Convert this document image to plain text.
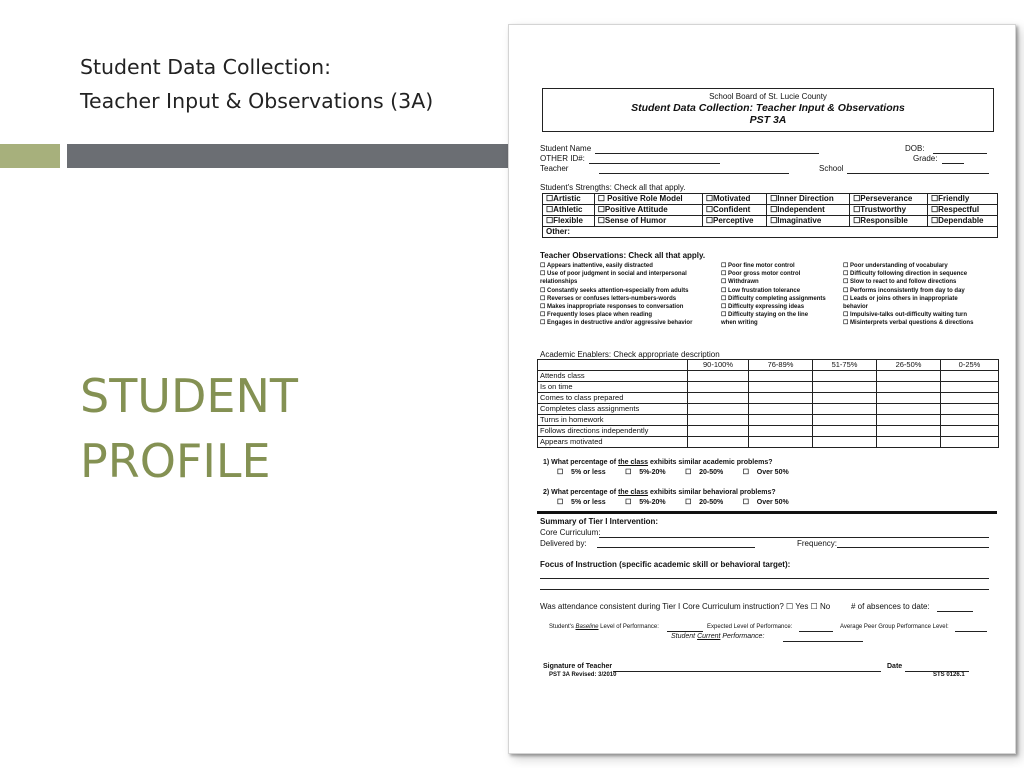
Student Data Collection:
Teacher Input & Observations (3A)
STUDENT
PROFILE
School Board of St. Lucie County
Student Data Collection: Teacher Input & Observations
PST 3A
Student Name
OTHER ID#:
Teacher
DOB:
Grade:
School
Student's Strengths: Check all that apply.
☐Artistic	☐ Positive Role Model	☐Motivated	☐Inner Direction	☐Perseverance	☐Friendly
☐Athletic	☐Positive Attitude	☐Confident	☐Independent	☐Trustworthy	☐Respectful
☐Flexible	☐Sense of Humor	☐Perceptive	☐Imaginative	☐Responsible	☐Dependable
Other:					
Teacher Observations: Check all that apply.
☐ Appears inattentive, easily distracted
☐ Use of poor judgment in social and interpersonal
relationships
☐ Constantly seeks attention-especially from adults
☐ Reverses or confuses letters-numbers-words
☐ Makes inappropriate responses to conversation
☐ Frequently loses place when reading
☐ Engages in destructive and/or aggressive behavior
☐ Poor fine motor control
☐ Poor gross motor control
☐ Withdrawn
☐ Low frustration tolerance
☐ Difficulty completing assignments
☐ Difficulty expressing ideas
☐ Difficulty staying on the line
when writing
☐ Poor understanding of vocabulary
☐ Difficulty following direction in sequence
☐ Slow to react to and follow directions
☐ Performs inconsistently from day to day
☐ Leads or joins others in inappropriate
behavior
☐ Impulsive-talks out-difficulty waiting turn
☐ Misinterprets verbal questions & directions
Academic Enablers: Check appropriate description
	90-100%	76-89%	51-75%	26-50%	0-25%
Attends class					
Is on time					
Comes to class prepared					
Completes class assignments					
Turns in homework					
Follows directions independently					
Appears motivated					
1) What percentage of the class exhibits similar academic problems?
☐    5% or less          ☐    5%-20%          ☐    20-50%          ☐    Over 50%
2) What percentage of the class exhibits similar behavioral problems?
☐    5% or less          ☐    5%-20%          ☐    20-50%          ☐    Over 50%
Summary of Tier I Intervention:
Core Curriculum:
Delivered by:	Frequency:
Focus of Instruction (specific academic skill or behavioral target):
Was attendance consistent during Tier I Core Curriculum instruction? ☐ Yes ☐ No	# of absences to date:
Student's Baseline Level of Performance:	Expected Level of Performance:	Average Peer Group Performance Level:
Student Current Performance:
Signature of Teacher	Date
PST 3A Revised: 3/2010	STS 0126.1
